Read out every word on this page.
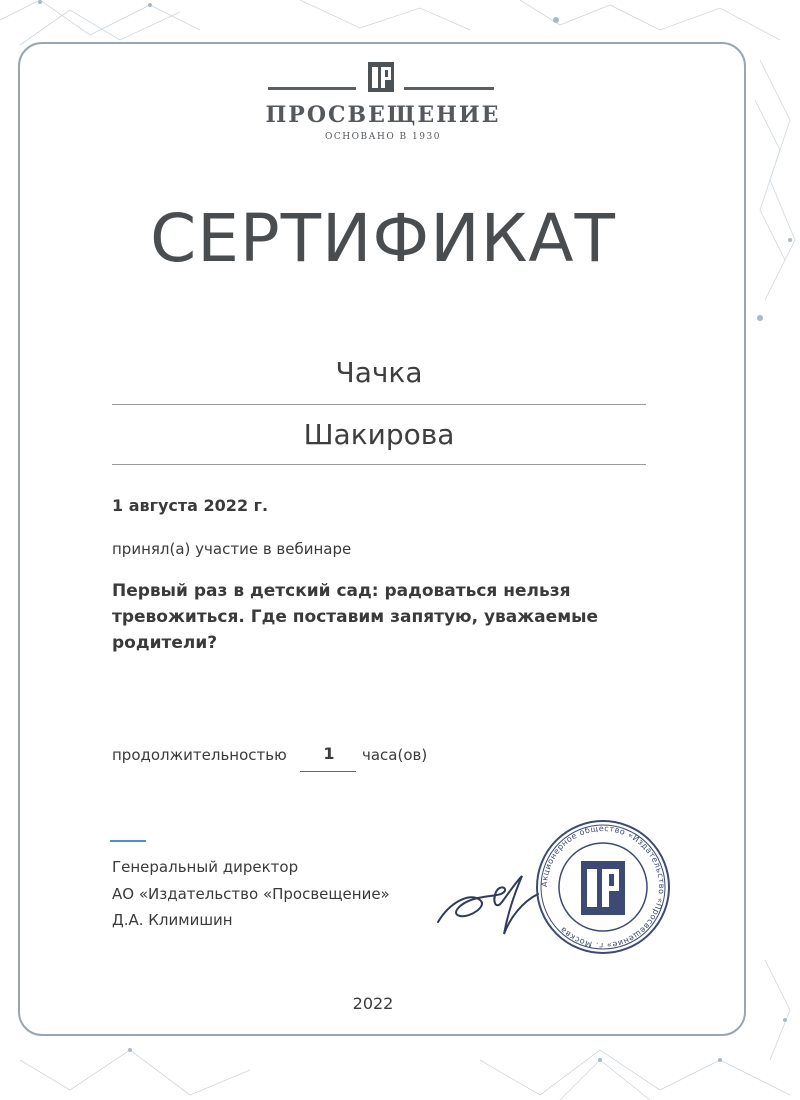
ПРОСВЕЩЕНИЕ
ОСНОВАНО В 1930
СЕРТИФИКАТ
Чачка
Шакирова
1 августа 2022 г.
принял(а) участие в вебинаре
Первый раз в детский сад: радоваться нельзя
тревожиться. Где поставим запятую, уважаемые
родители?
продолжительностью	1	часа(ов)
Генеральный директор
АО «Издательство «Просвещение»
Д.А. Климишин
Акционерное общество «Издательство «Просвещение» г. Москва
2022
